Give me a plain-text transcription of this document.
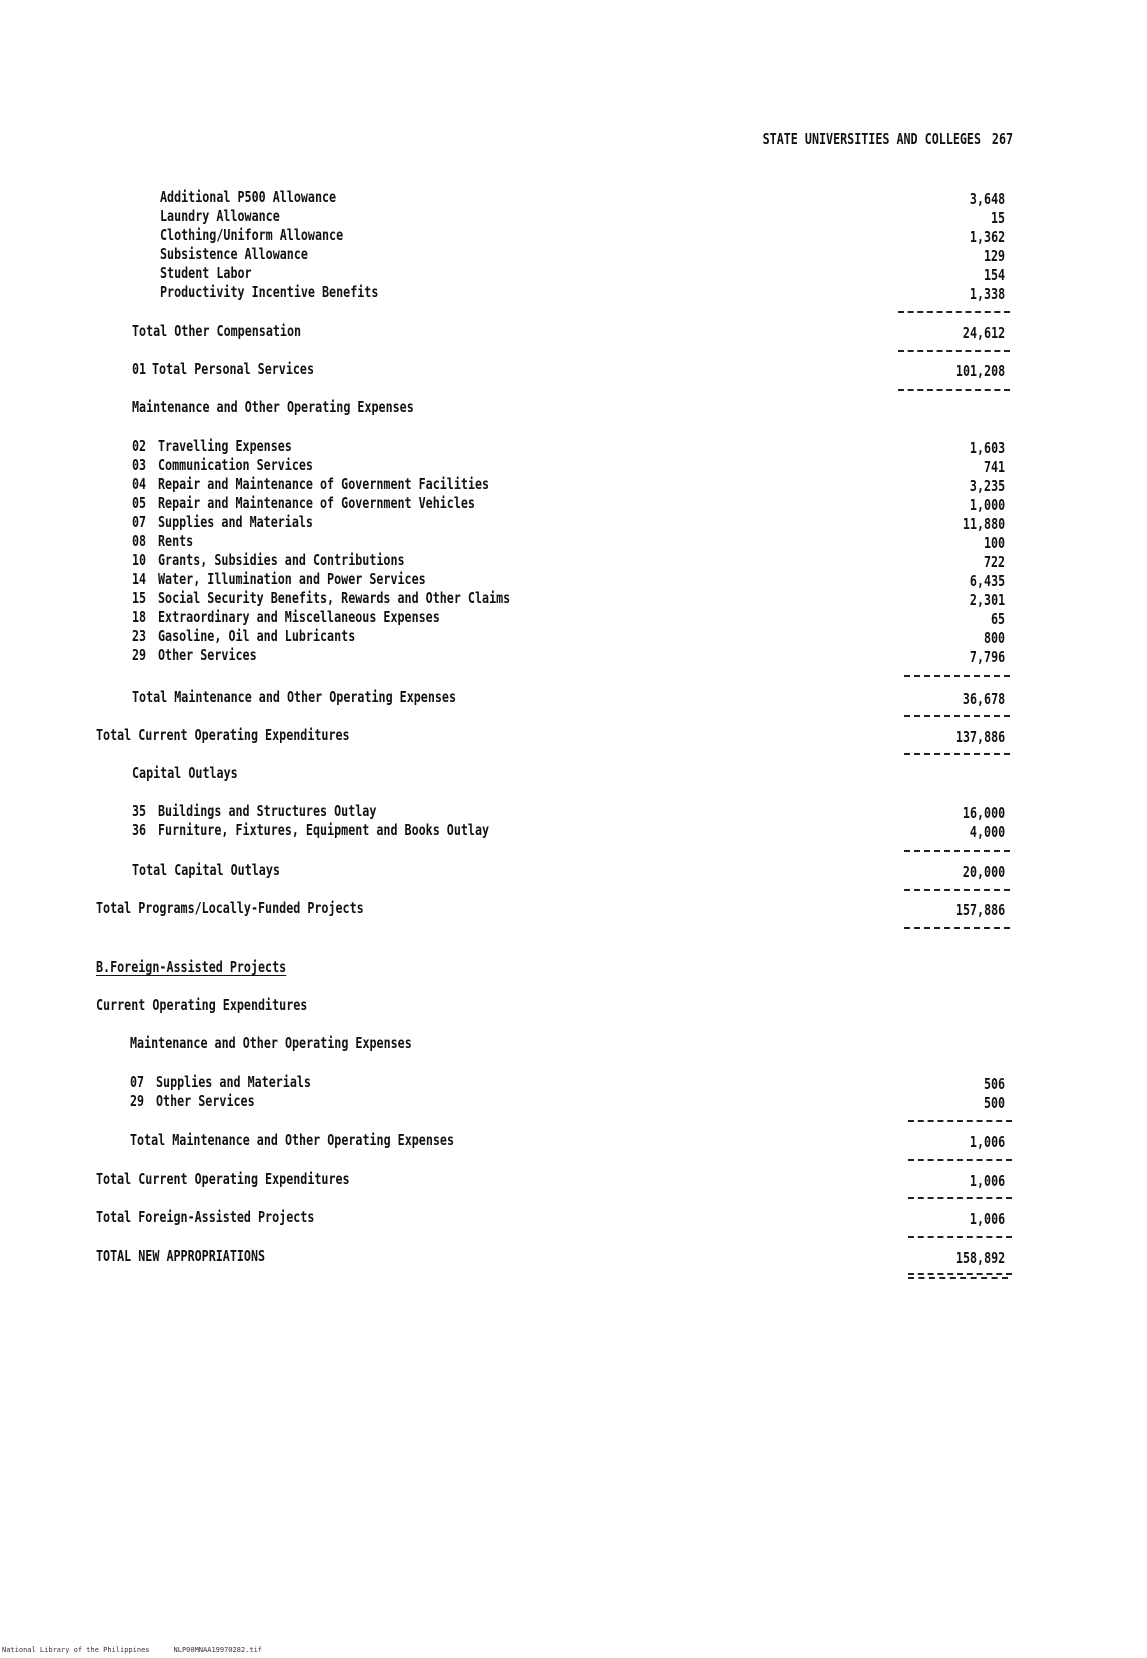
STATE UNIVERSITIES AND COLLEGES 267
Additional P500 Allowance	3,648
Laundry Allowance	15
Clothing/Uniform Allowance	1,362
Subsistence Allowance	129
Student Labor	154
Productivity Incentive Benefits	1,338
Total Other Compensation	24,612
01 Total Personal Services	101,208
Maintenance and Other Operating Expenses
02 Travelling Expenses	1,603
03 Communication Services	741
04 Repair and Maintenance of Government Facilities	3,235
05 Repair and Maintenance of Government Vehicles	1,000
07 Supplies and Materials	11,880
08 Rents	100
10 Grants, Subsidies and Contributions	722
14 Water, Illumination and Power Services	6,435
15 Social Security Benefits, Rewards and Other Claims	2,301
18 Extraordinary and Miscellaneous Expenses	65
23 Gasoline, Oil and Lubricants	800
29 Other Services	7,796
Total Maintenance and Other Operating Expenses	36,678
Total Current Operating Expenditures	137,886
Capital Outlays
35 Buildings and Structures Outlay	16,000
36 Furniture, Fixtures, Equipment and Books Outlay	4,000
Total Capital Outlays	20,000
Total Programs/Locally-Funded Projects	157,886
B.Foreign-Assisted Projects
Current Operating Expenditures
Maintenance and Other Operating Expenses
07 Supplies and Materials	506
29 Other Services	500
Total Maintenance and Other Operating Expenses	1,006
Total Current Operating Expenditures	1,006
Total Foreign-Assisted Projects	1,006
TOTAL NEW APPROPRIATIONS	158,892
National Library of the Philippines	NLP00MNAA19970282.tif
